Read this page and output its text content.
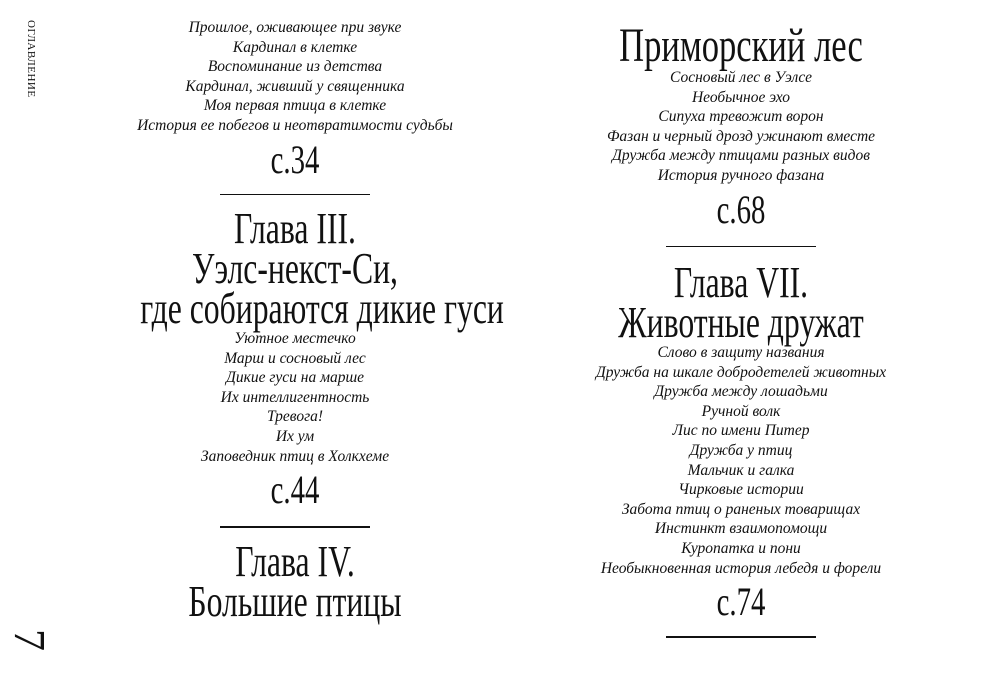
ОГЛАВЛЕНИЕ
7
Прошлое, оживающее при звуке
Кардинал в клетке
Воспоминание из детства
Кардинал, живший у священника
Моя первая птица в клетке
История ее побегов и неотвратимости судьбы
с.34
Глава III.
Уэлс-некст-Си,
где собираются дикие гуси
Уютное местечко
Марш и сосновый лес
Дикие гуси на марше
Их интеллигентность
Тревога!
Их ум
Заповедник птиц в Холкхеме
с.44
Глава IV.
Большие птицы
Приморский лес
Сосновый лес в Уэлсе
Необычное эхо
Сипуха тревожит ворон
Фазан и черный дрозд ужинают вместе
Дружба между птицами разных видов
История ручного фазана
с.68
Глава VII.
Животные дружат
Слово в защиту названия
Дружба на шкале добродетелей животных
Дружба между лошадьми
Ручной волк
Лис по имени Питер
Дружба у птиц
Мальчик и галка
Чирковые истории
Забота птиц о раненых товарищах
Инстинкт взаимопомощи
Куропатка и пони
Необыкновенная история лебедя и форели
с.74
